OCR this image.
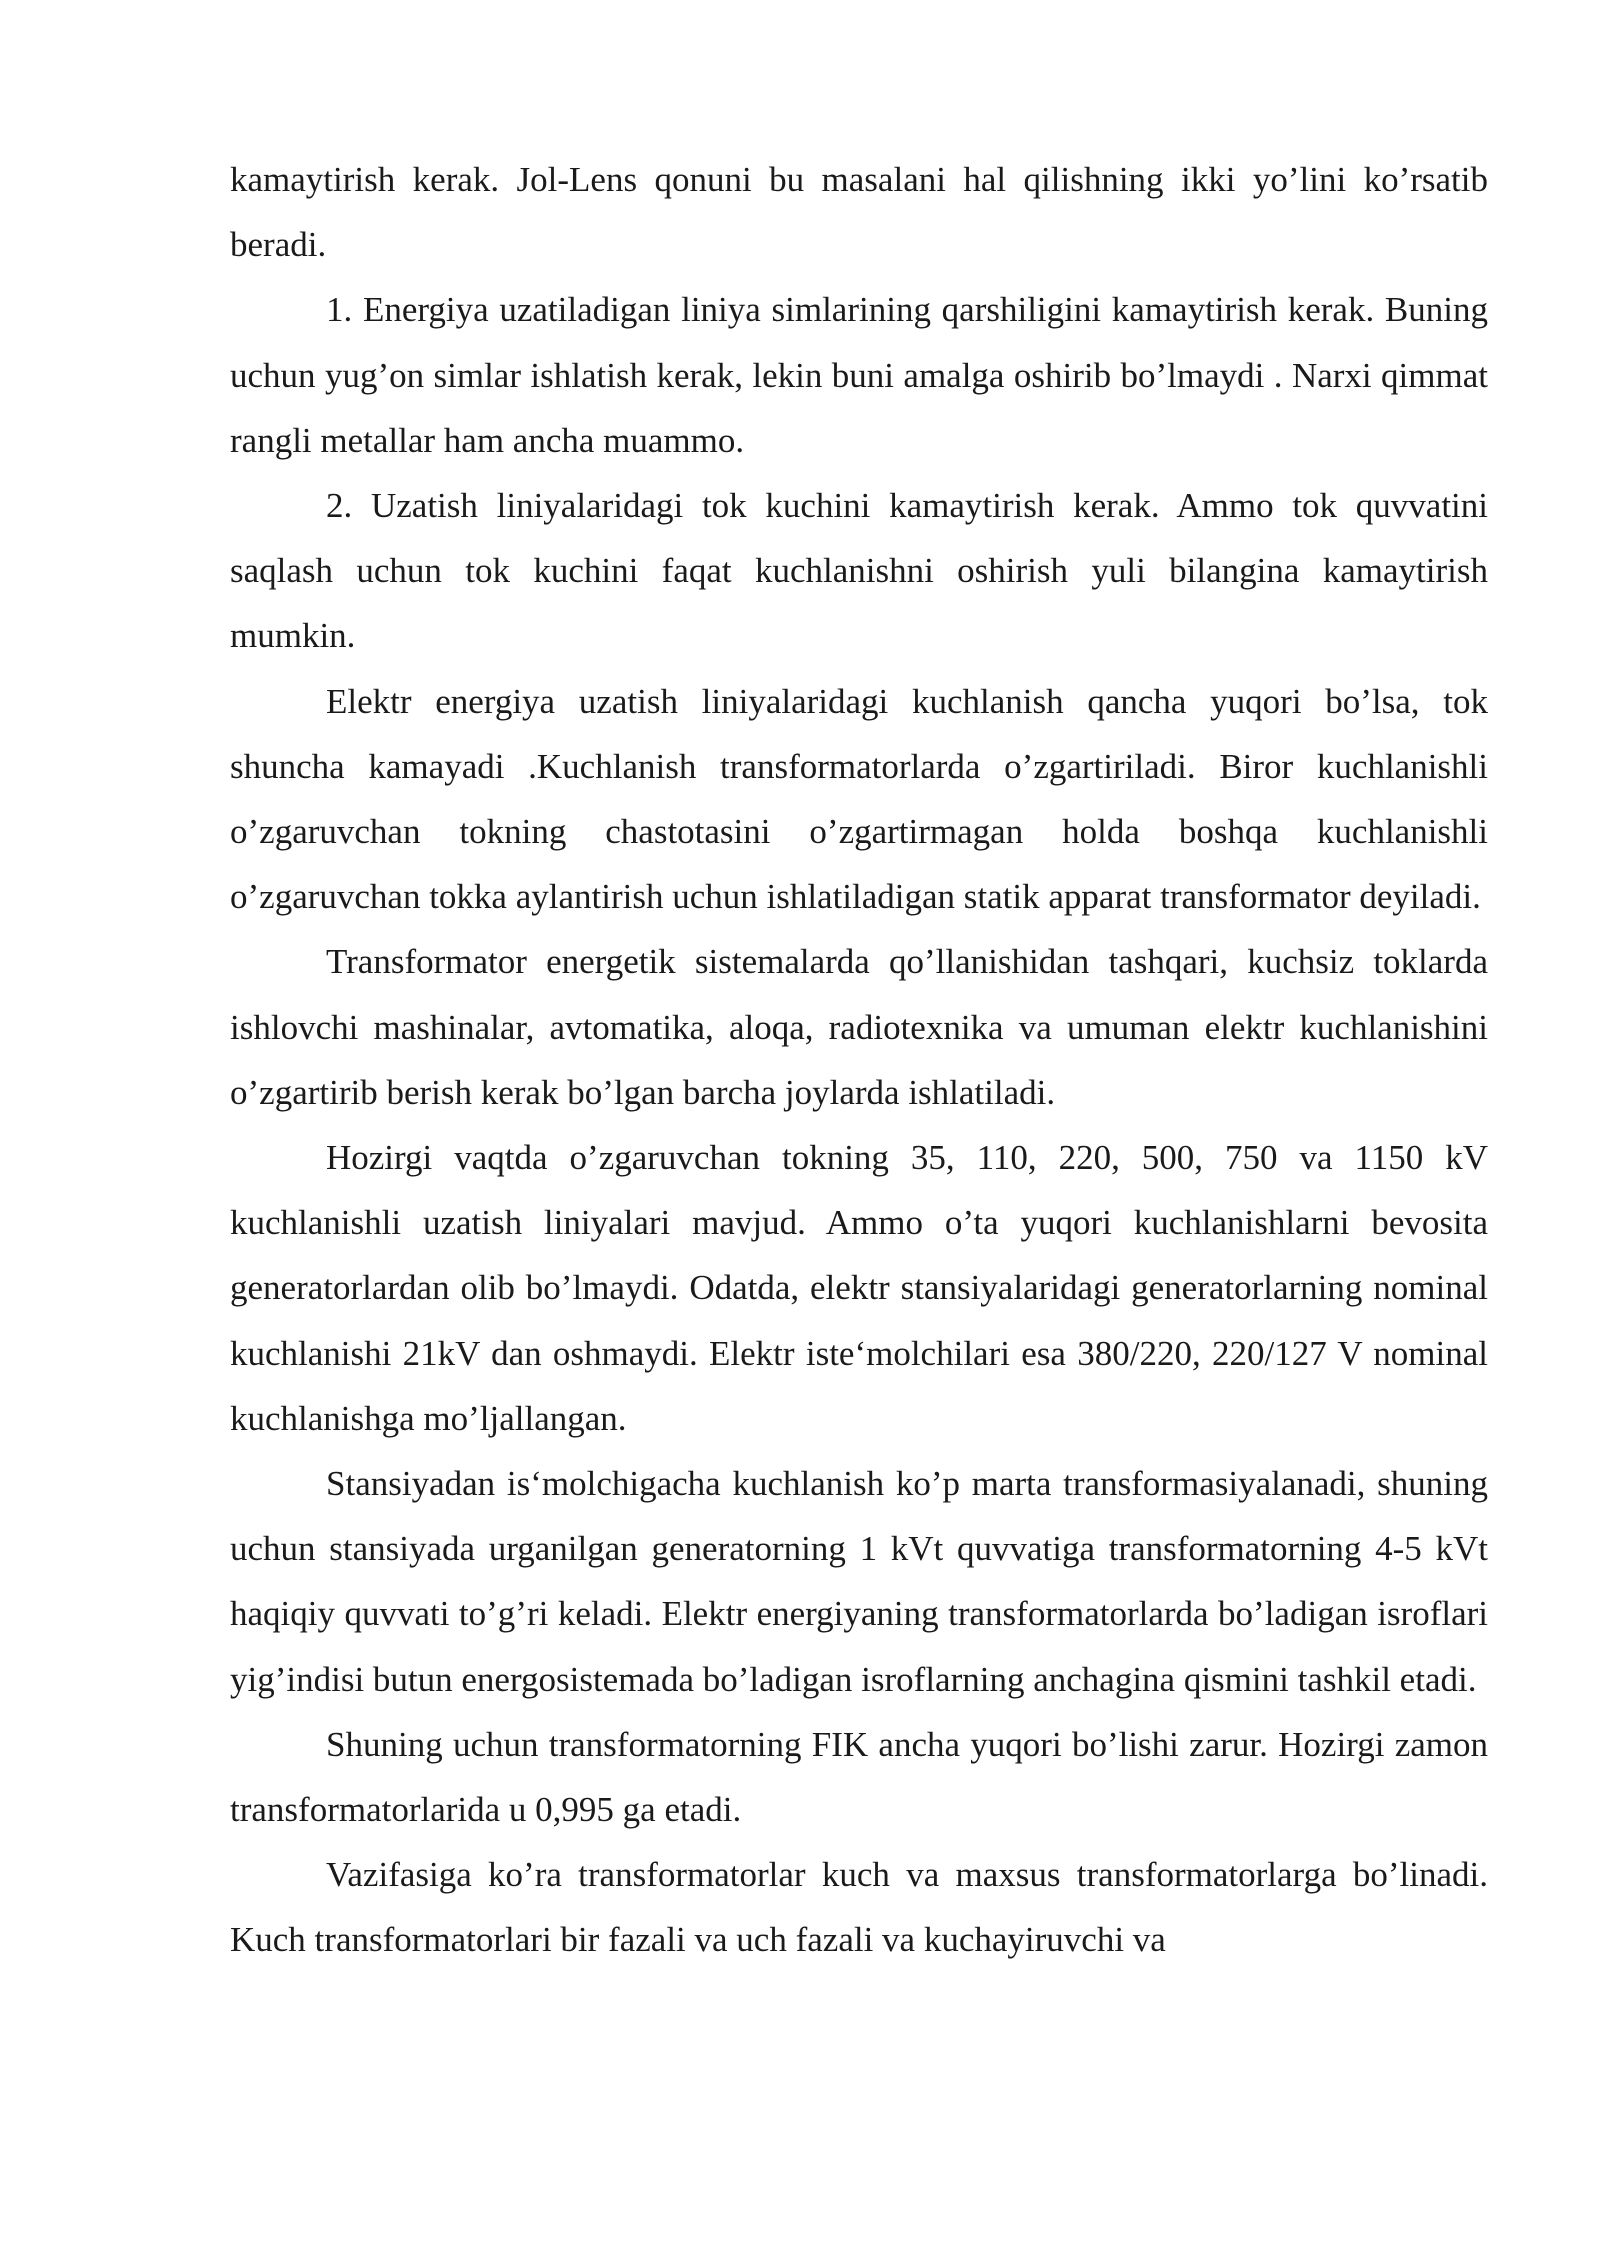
kamaytirish kerak. Jol-Lens qonuni bu masalani hal qilishning ikki yo’lini ko’rsatib beradi.

1. Energiya uzatiladigan liniya simlarining qarshiligini kamaytirish kerak. Buning uchun yug’on simlar ishlatish kerak, lekin buni amalga oshirib bo’lmaydi . Narxi qimmat rangli metallar ham ancha muammo.

2. Uzatish liniyalaridagi tok kuchini kamaytirish kerak. Ammo tok quvvatini saqlash uchun tok kuchini faqat kuchlanishni oshirish yuli bilangina kamaytirish mumkin.

Elektr energiya uzatish liniyalaridagi kuchlanish qancha yuqori bo’lsa, tok shuncha kamayadi .Kuchlanish transformatorlarda o’zgartiriladi. Biror kuchlanishli o’zgaruvchan tokning chastotasini o’zgartirmagan holda boshqa kuchlanishli o’zgaruvchan tokka aylantirish uchun ishlatiladigan statik apparat transformator deyiladi.

Transformator energetik sistemalarda qo’llanishidan tashqari, kuchsiz toklarda ishlovchi mashinalar, avtomatika, aloqa, radiotexnika va umuman elektr kuchlanishini o’zgartirib berish kerak bo’lgan barcha joylarda ishlatiladi.

Hozirgi vaqtda o’zgaruvchan tokning 35, 110, 220, 500, 750 va 1150 kV kuchlanishli uzatish liniyalari mavjud. Ammo o’ta yuqori kuchlanishlarni bevosita generatorlardan olib bo’lmaydi. Odatda, elektr stansiyalaridagi generatorlarning nominal kuchlanishi 21kV dan oshmaydi. Elektr iste‘molchilari esa 380/220, 220/127 V nominal kuchlanishga mo’ljallangan.

Stansiyadan is‘molchigacha kuchlanish ko’p marta transformasiyalanadi, shuning uchun stansiyada urganilgan generatorning 1 kVt quvvatiga transformatorning 4-5 kVt haqiqiy quvvati to’g’ri keladi. Elektr energiyaning transformatorlarda bo’ladigan isroflari yig’indisi butun energosistemada bo’ladigan isroflarning anchagina qismini tashkil etadi.

Shuning uchun transformatorning FIK ancha yuqori bo’lishi zarur. Hozirgi zamon transformatorlarida u 0,995 ga etadi.

Vazifasiga ko’ra transformatorlar kuch va maxsus transformatorlarga bo’linadi. Kuch transformatorlari bir fazali va uch fazali va kuchayiruvchi va
